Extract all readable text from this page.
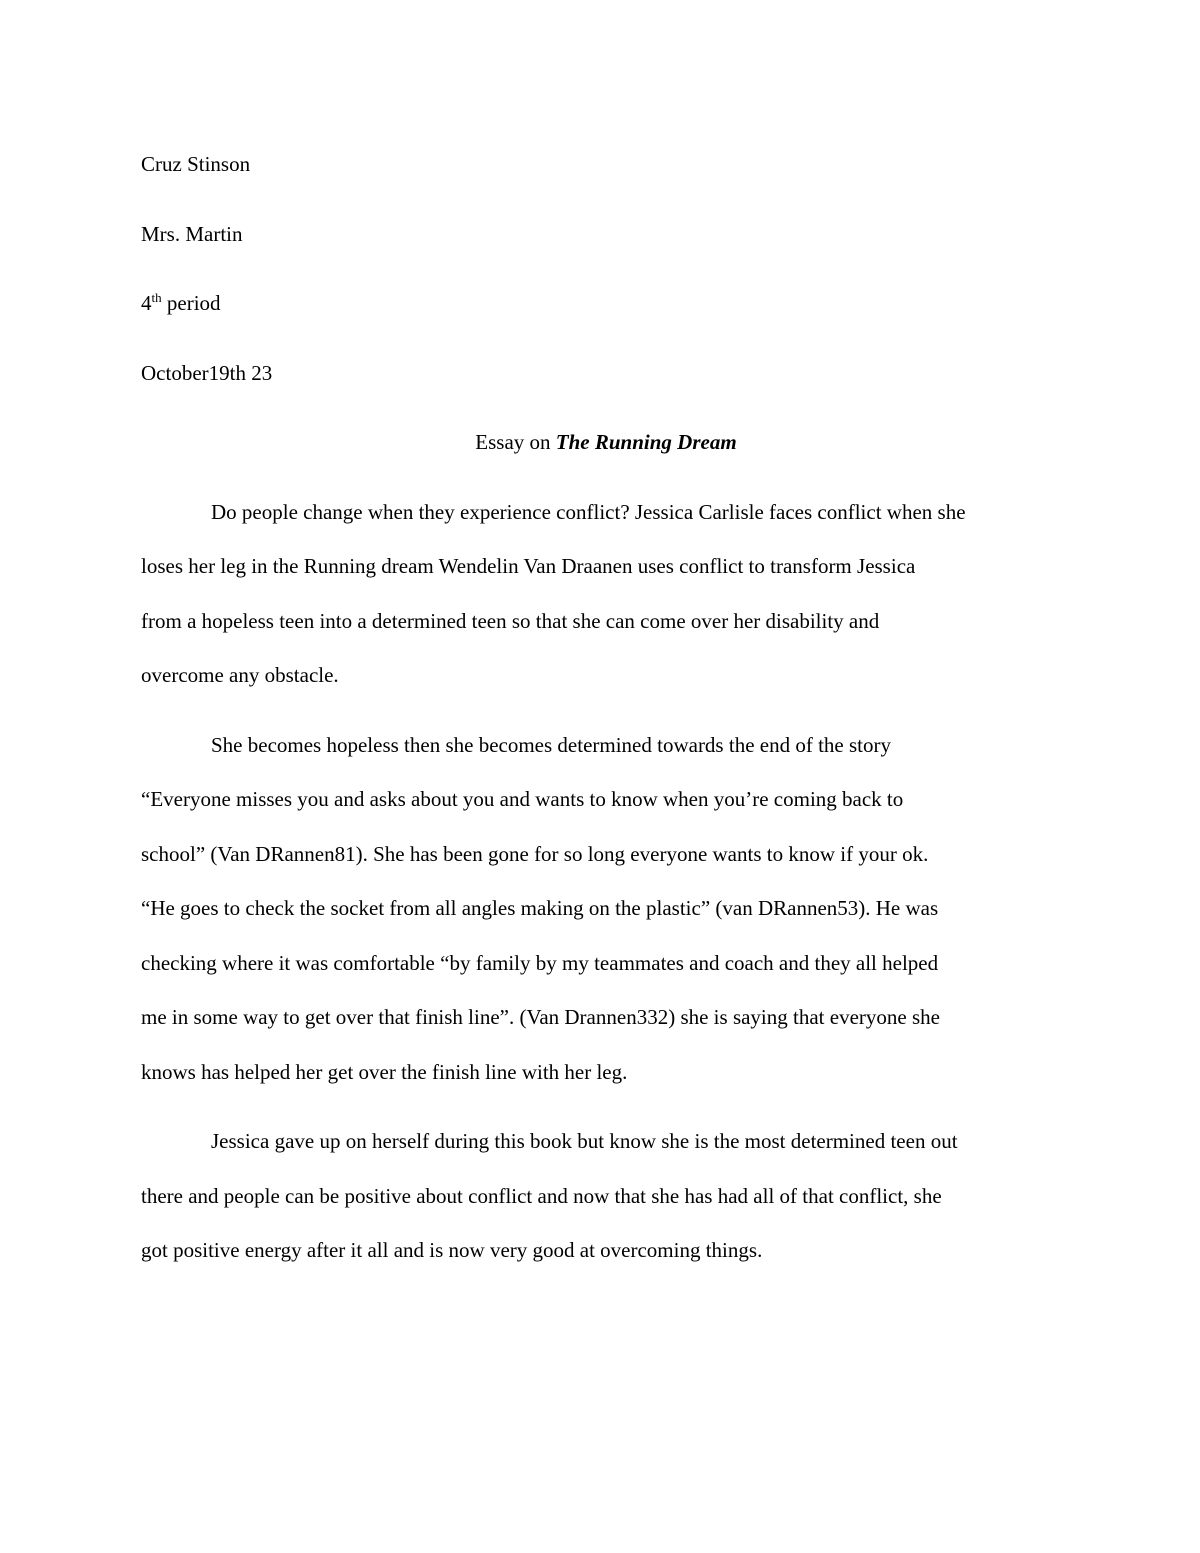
Cruz Stinson
Mrs. Martin
4th period
October19th 23
Essay on The Running Dream
Do people change when they experience conflict? Jessica Carlisle faces conflict when she
loses her leg in the Running dream Wendelin Van Draanen uses conflict to transform Jessica
from a hopeless teen into a determined teen so that she can come over her disability and
overcome any obstacle.
She becomes hopeless then she becomes determined towards the end of the story
“Everyone misses you and asks about you and wants to know when you’re coming back to
school” (Van DRannen81). She has been gone for so long everyone wants to know if your ok.
“He goes to check the socket from all angles making on the plastic” (van DRannen53). He was
checking where it was comfortable “by family by my teammates and coach and they all helped
me in some way to get over that finish line”. (Van Drannen332) she is saying that everyone she
knows has helped her get over the finish line with her leg.
Jessica gave up on herself during this book but know she is the most determined teen out
there and people can be positive about conflict and now that she has had all of that conflict, she
got positive energy after it all and is now very good at overcoming things.
